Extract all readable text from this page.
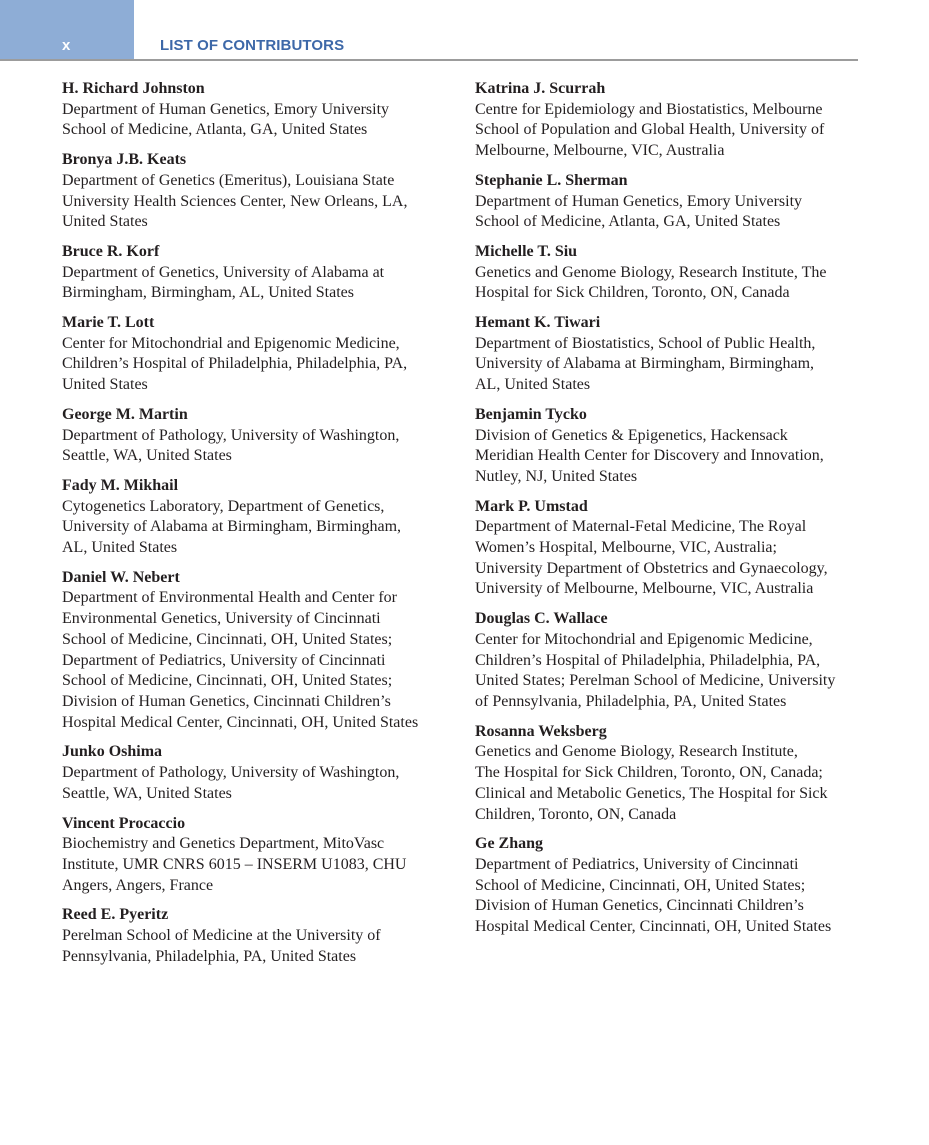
x	LIST OF CONTRIBUTORS
H. Richard Johnston
Department of Human Genetics, Emory University
School of Medicine, Atlanta, GA, United States
Bronya J.B. Keats
Department of Genetics (Emeritus), Louisiana State
University Health Sciences Center, New Orleans, LA,
United States
Bruce R. Korf
Department of Genetics, University of Alabama at
Birmingham, Birmingham, AL, United States
Marie T. Lott
Center for Mitochondrial and Epigenomic Medicine,
Children’s Hospital of Philadelphia, Philadelphia, PA,
United States
George M. Martin
Department of Pathology, University of Washington,
Seattle, WA, United States
Fady M. Mikhail
Cytogenetics Laboratory, Department of Genetics,
University of Alabama at Birmingham, Birmingham,
AL, United States
Daniel W. Nebert
Department of Environmental Health and Center for
Environmental Genetics, University of Cincinnati
School of Medicine, Cincinnati, OH, United States;
Department of Pediatrics, University of Cincinnati
School of Medicine, Cincinnati, OH, United States;
Division of Human Genetics, Cincinnati Children’s
Hospital Medical Center, Cincinnati, OH, United States
Junko Oshima
Department of Pathology, University of Washington,
Seattle, WA, United States
Vincent Procaccio
Biochemistry and Genetics Department, MitoVasc
Institute, UMR CNRS 6015 – INSERM U1083, CHU
Angers, Angers, France
Reed E. Pyeritz
Perelman School of Medicine at the University of
Pennsylvania, Philadelphia, PA, United States
Katrina J. Scurrah
Centre for Epidemiology and Biostatistics, Melbourne
School of Population and Global Health, University of
Melbourne, Melbourne, VIC, Australia
Stephanie L. Sherman
Department of Human Genetics, Emory University
School of Medicine, Atlanta, GA, United States
Michelle T. Siu
Genetics and Genome Biology, Research Institute, The
Hospital for Sick Children, Toronto, ON, Canada
Hemant K. Tiwari
Department of Biostatistics, School of Public Health,
University of Alabama at Birmingham, Birmingham,
AL, United States
Benjamin Tycko
Division of Genetics & Epigenetics, Hackensack
Meridian Health Center for Discovery and Innovation,
Nutley, NJ, United States
Mark P. Umstad
Department of Maternal-Fetal Medicine, The Royal
Women’s Hospital, Melbourne, VIC, Australia;
University Department of Obstetrics and Gynaecology,
University of Melbourne, Melbourne, VIC, Australia
Douglas C. Wallace
Center for Mitochondrial and Epigenomic Medicine,
Children’s Hospital of Philadelphia, Philadelphia, PA,
United States; Perelman School of Medicine, University
of Pennsylvania, Philadelphia, PA, United States
Rosanna Weksberg
Genetics and Genome Biology, Research Institute,
The Hospital for Sick Children, Toronto, ON, Canada;
Clinical and Metabolic Genetics, The Hospital for Sick
Children, Toronto, ON, Canada
Ge Zhang
Department of Pediatrics, University of Cincinnati
School of Medicine, Cincinnati, OH, United States;
Division of Human Genetics, Cincinnati Children’s
Hospital Medical Center, Cincinnati, OH, United States
